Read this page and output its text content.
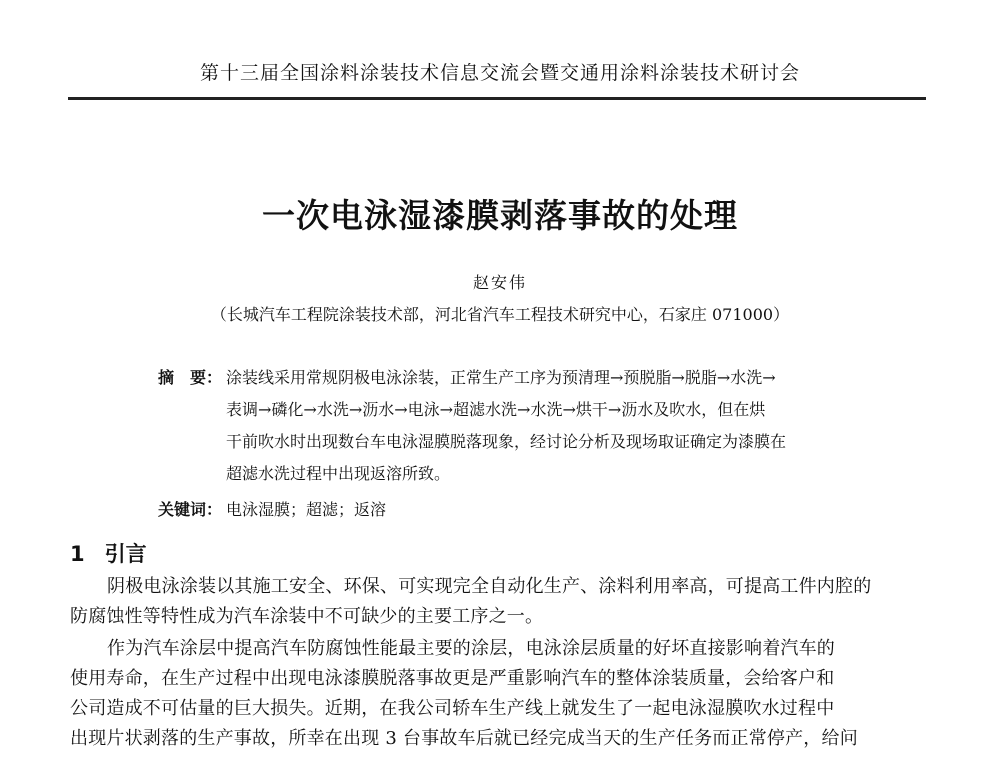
第十三届全国涂料涂装技术信息交流会暨交通用涂料涂装技术研讨会
一次电泳湿漆膜剥落事故的处理
赵安伟
（长城汽车工程院涂装技术部，河北省汽车工程技术研究中心，石家庄 071000）
摘　要： 涂装线采用常规阴极电泳涂装，正常生产工序为预清理→预脱脂→脱脂→水洗→
表调→磷化→水洗→沥水→电泳→超滤水洗→水洗→烘干→沥水及吹水，但在烘
干前吹水时出现数台车电泳湿膜脱落现象，经讨论分析及现场取证确定为漆膜在
超滤水洗过程中出现返溶所致。
关键词： 电泳湿膜；超滤；返溶
1 引言
阴极电泳涂装以其施工安全、环保、可实现完全自动化生产、涂料利用率高，可提高工件内腔的
防腐蚀性等特性成为汽车涂装中不可缺少的主要工序之一。
作为汽车涂层中提高汽车防腐蚀性能最主要的涂层，电泳涂层质量的好坏直接影响着汽车的
使用寿命，在生产过程中出现电泳漆膜脱落事故更是严重影响汽车的整体涂装质量，会给客户和
公司造成不可估量的巨大损失。近期，在我公司轿车生产线上就发生了一起电泳湿膜吹水过程中
出现片状剥落的生产事故，所幸在出现 3 台事故车后就已经完成当天的生产任务而正常停产，给问
